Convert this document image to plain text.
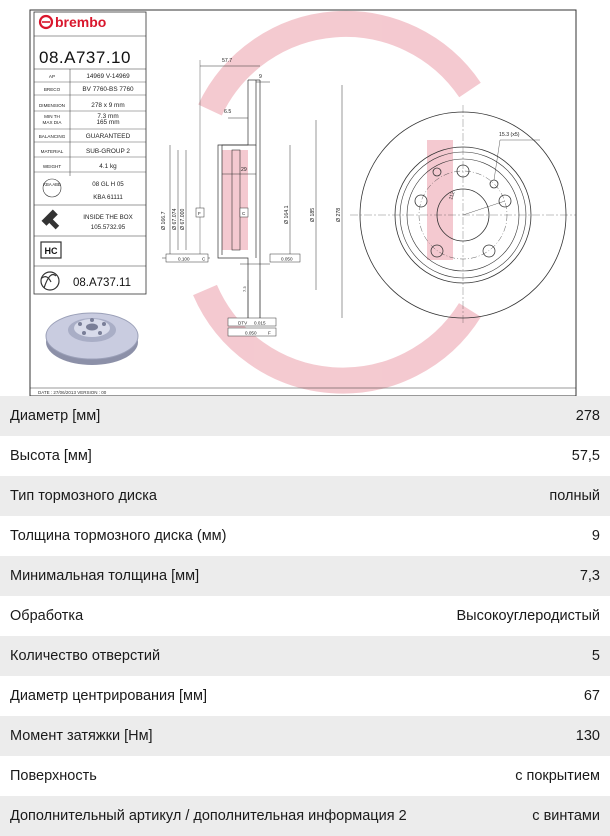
DATE : 27/06/2013 VERSION : 00
brembo
08.A737.10
AP	14969 V-14969
BRECO	BV 7760-BS 7760
DIMENSION	278 x 9 mm
MIN TH	7.3 mm
MAX DIA	165 mm
BALANCING	GUARANTEED
MATERIAL	SUB-GROUP 2
WEIGHT	4.1 kg
KBA ABE	08 GL H 05
KBA 61111
INSIDE THE BOX
105.5732.95
HC
08.A737.11
57.7
9
6.5
29
Ø 166.7 Ø 67.074 Ø 67.000	Ø 164.1	Ø 185	Ø 278
0.100	C	0.050
DTV 0.015
0.050	F
F	C
7.3
15.3 (x5)
112
Диаметр [мм]	278
Высота [мм]	57,5
Тип тормозного диска	полный
Толщина тормозного диска (мм)	9
Минимальная толщина [мм]	7,3
Обработка	Высокоуглеродистый
Количество отверстий	5
Диаметр центрирования [мм]	67
Момент затяжки [Нм]	130
Поверхность	с покрытием
Дополнительный артикул / дополнительная информация 2	с винтами
